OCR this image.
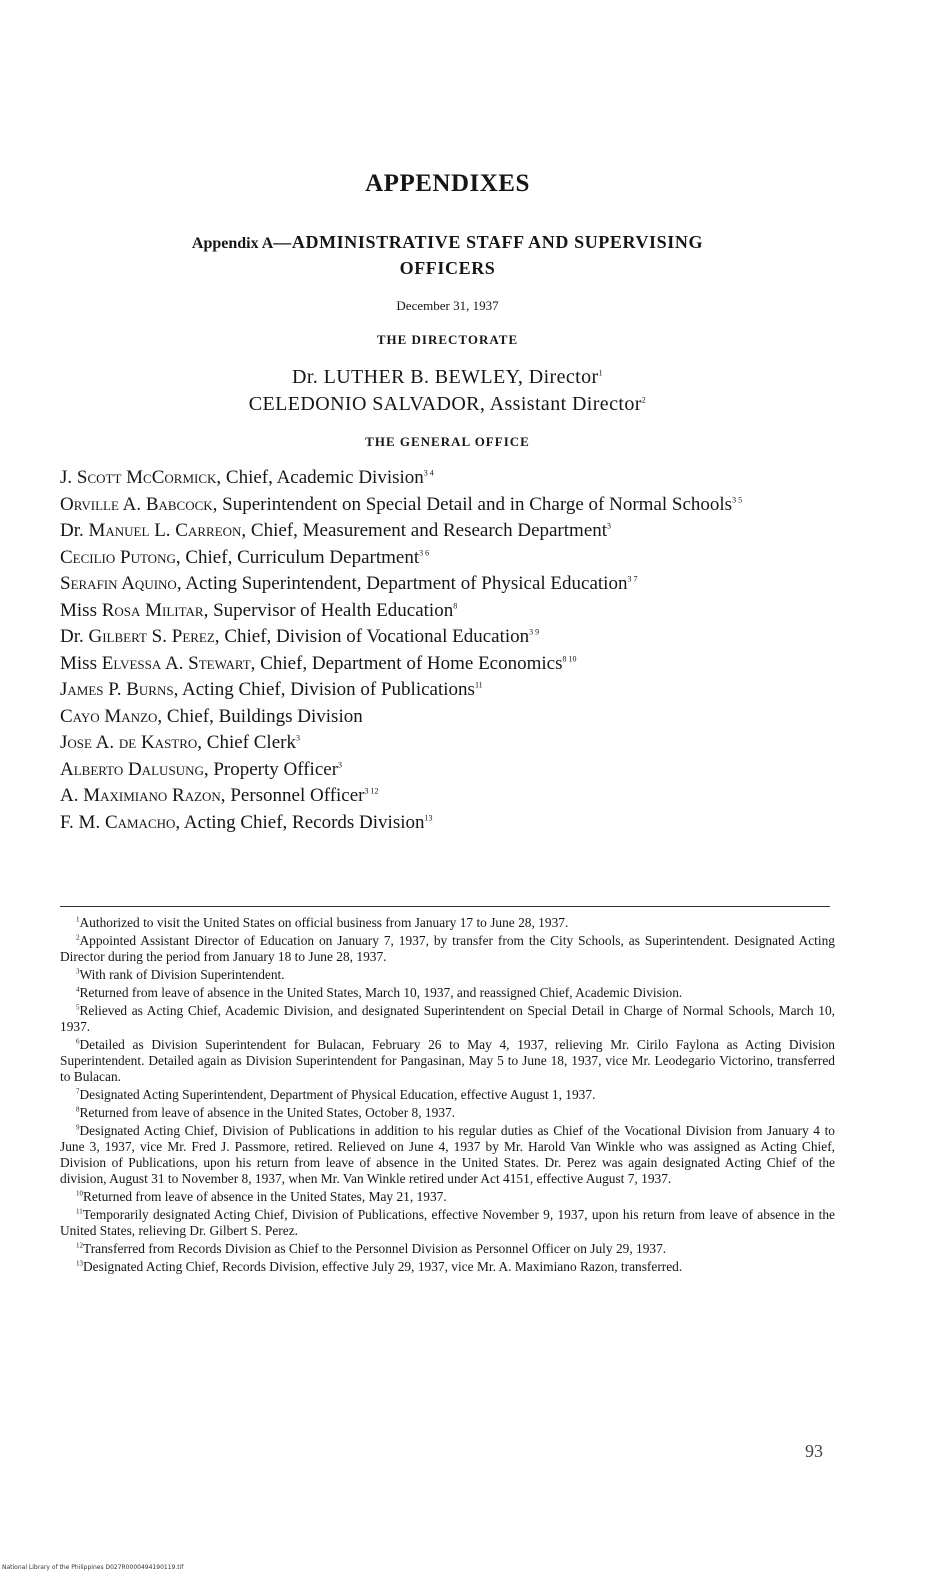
APPENDIXES
Appendix A—ADMINISTRATIVE STAFF AND SUPERVISING
OFFICERS
December 31, 1937
THE DIRECTORATE
Dr. LUTHER B. BEWLEY, Director$^1$
CELEDONIO SALVADOR, Assistant Director$^2$
THE GENERAL OFFICE
J. Scott McCormick, Chief, Academic Division$^{3 4}$
Orville A. Babcock, Superintendent on Special Detail and in Charge of Normal Schools$^{3 5}$
Dr. Manuel L. Carreon, Chief, Measurement and Research Department$^3$
Cecilio Putong, Chief, Curriculum Department$^{3 6}$
Serafin Aquino, Acting Superintendent, Department of Physical Education$^{3 7}$
Miss Rosa Militar, Supervisor of Health Education$^8$
Dr. Gilbert S. Perez, Chief, Division of Vocational Education$^{3 9}$
Miss Elvessa A. Stewart, Chief, Department of Home Economics$^{8 10}$
James P. Burns, Acting Chief, Division of Publications$^{11}$
Cayo Manzo, Chief, Buildings Division
Jose A. de Kastro, Chief Clerk$^3$
Alberto Dalusung, Property Officer$^3$
A. Maximiano Razon, Personnel Officer$^{3 12}$
F. M. Camacho, Acting Chief, Records Division$^{13}$

$^1$Authorized to visit the United States on official business from January 17 to June 28, 1937.

$^2$Appointed Assistant Director of Education on January 7, 1937, by transfer from the City Schools, as Superintendent. Designated Acting Director during the period from January 18 to June 28, 1937.

$^3$With rank of Division Superintendent.

$^4$Returned from leave of absence in the United States, March 10, 1937, and reassigned Chief, Academic Division.

$^5$Relieved as Acting Chief, Academic Division, and designated Superintendent on Special Detail in Charge of Normal Schools, March 10, 1937.

$^6$Detailed as Division Superintendent for Bulacan, February 26 to May 4, 1937, relieving Mr. Cirilo Faylona as Acting Division Superintendent. Detailed again as Division Superintendent for Pangasinan, May 5 to June 18, 1937, vice Mr. Leodegario Victorino, transferred to Bulacan.

$^7$Designated Acting Superintendent, Department of Physical Education, effective August 1, 1937.

$^8$Returned from leave of absence in the United States, October 8, 1937.

$^9$Designated Acting Chief, Division of Publications in addition to his regular duties as Chief of the Vocational Division from January 4 to June 3, 1937, vice Mr. Fred J. Passmore, retired. Relieved on June 4, 1937 by Mr. Harold Van Winkle who was assigned as Acting Chief, Division of Publications, upon his return from leave of absence in the United States. Dr. Perez was again designated Acting Chief of the division, August 31 to November 8, 1937, when Mr. Van Winkle retired under Act 4151, effective August 7, 1937.

$^{10}$Returned from leave of absence in the United States, May 21, 1937.

$^{11}$Temporarily designated Acting Chief, Division of Publications, effective November 9, 1937, upon his return from leave of absence in the United States, relieving Dr. Gilbert S. Perez.

$^{12}$Transferred from Records Division as Chief to the Personnel Division as Personnel Officer on July 29, 1937.

$^{13}$Designated Acting Chief, Records Division, effective July 29, 1937, vice Mr. A. Maximiano Razon, transferred.

93
National Library of the Philippines D027R0000494190119.tif
